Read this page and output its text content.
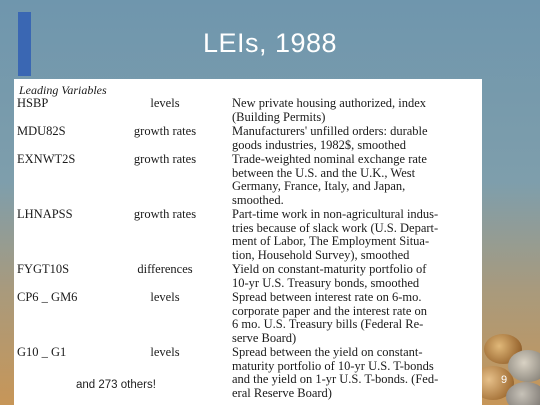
LEIs, 1988
9
Leading Variables
HSBP	levels	New private housing authorized, index
(Building Permits)
MDU82S	growth rates	Manufacturers' unfilled orders: durable
goods industries, 1982$, smoothed
EXNWT2S	growth rates	Trade-weighted nominal exchange rate
between the U.S. and the U.K., West
Germany, France, Italy, and Japan,
smoothed.
LHNAPSS	growth rates	Part-time work in non-agricultural indus-
tries because of slack work (U.S. Depart-
ment of Labor, The Employment Situa-
tion, Household Survey), smoothed
FYGT10S	differences	Yield on constant-maturity portfolio of
10-yr U.S. Treasury bonds, smoothed
CP6 _ GM6	levels	Spread between interest rate on 6-mo.
corporate paper and the interest rate on
6 mo. U.S. Treasury bills (Federal Re-
serve Board)
G10 _ G1	levels	Spread between the yield on constant-
maturity portfolio of 10-yr U.S. T-bonds
and the yield on 1-yr U.S. T-bonds. (Fed-
eral Reserve Board)
and 273 others!
